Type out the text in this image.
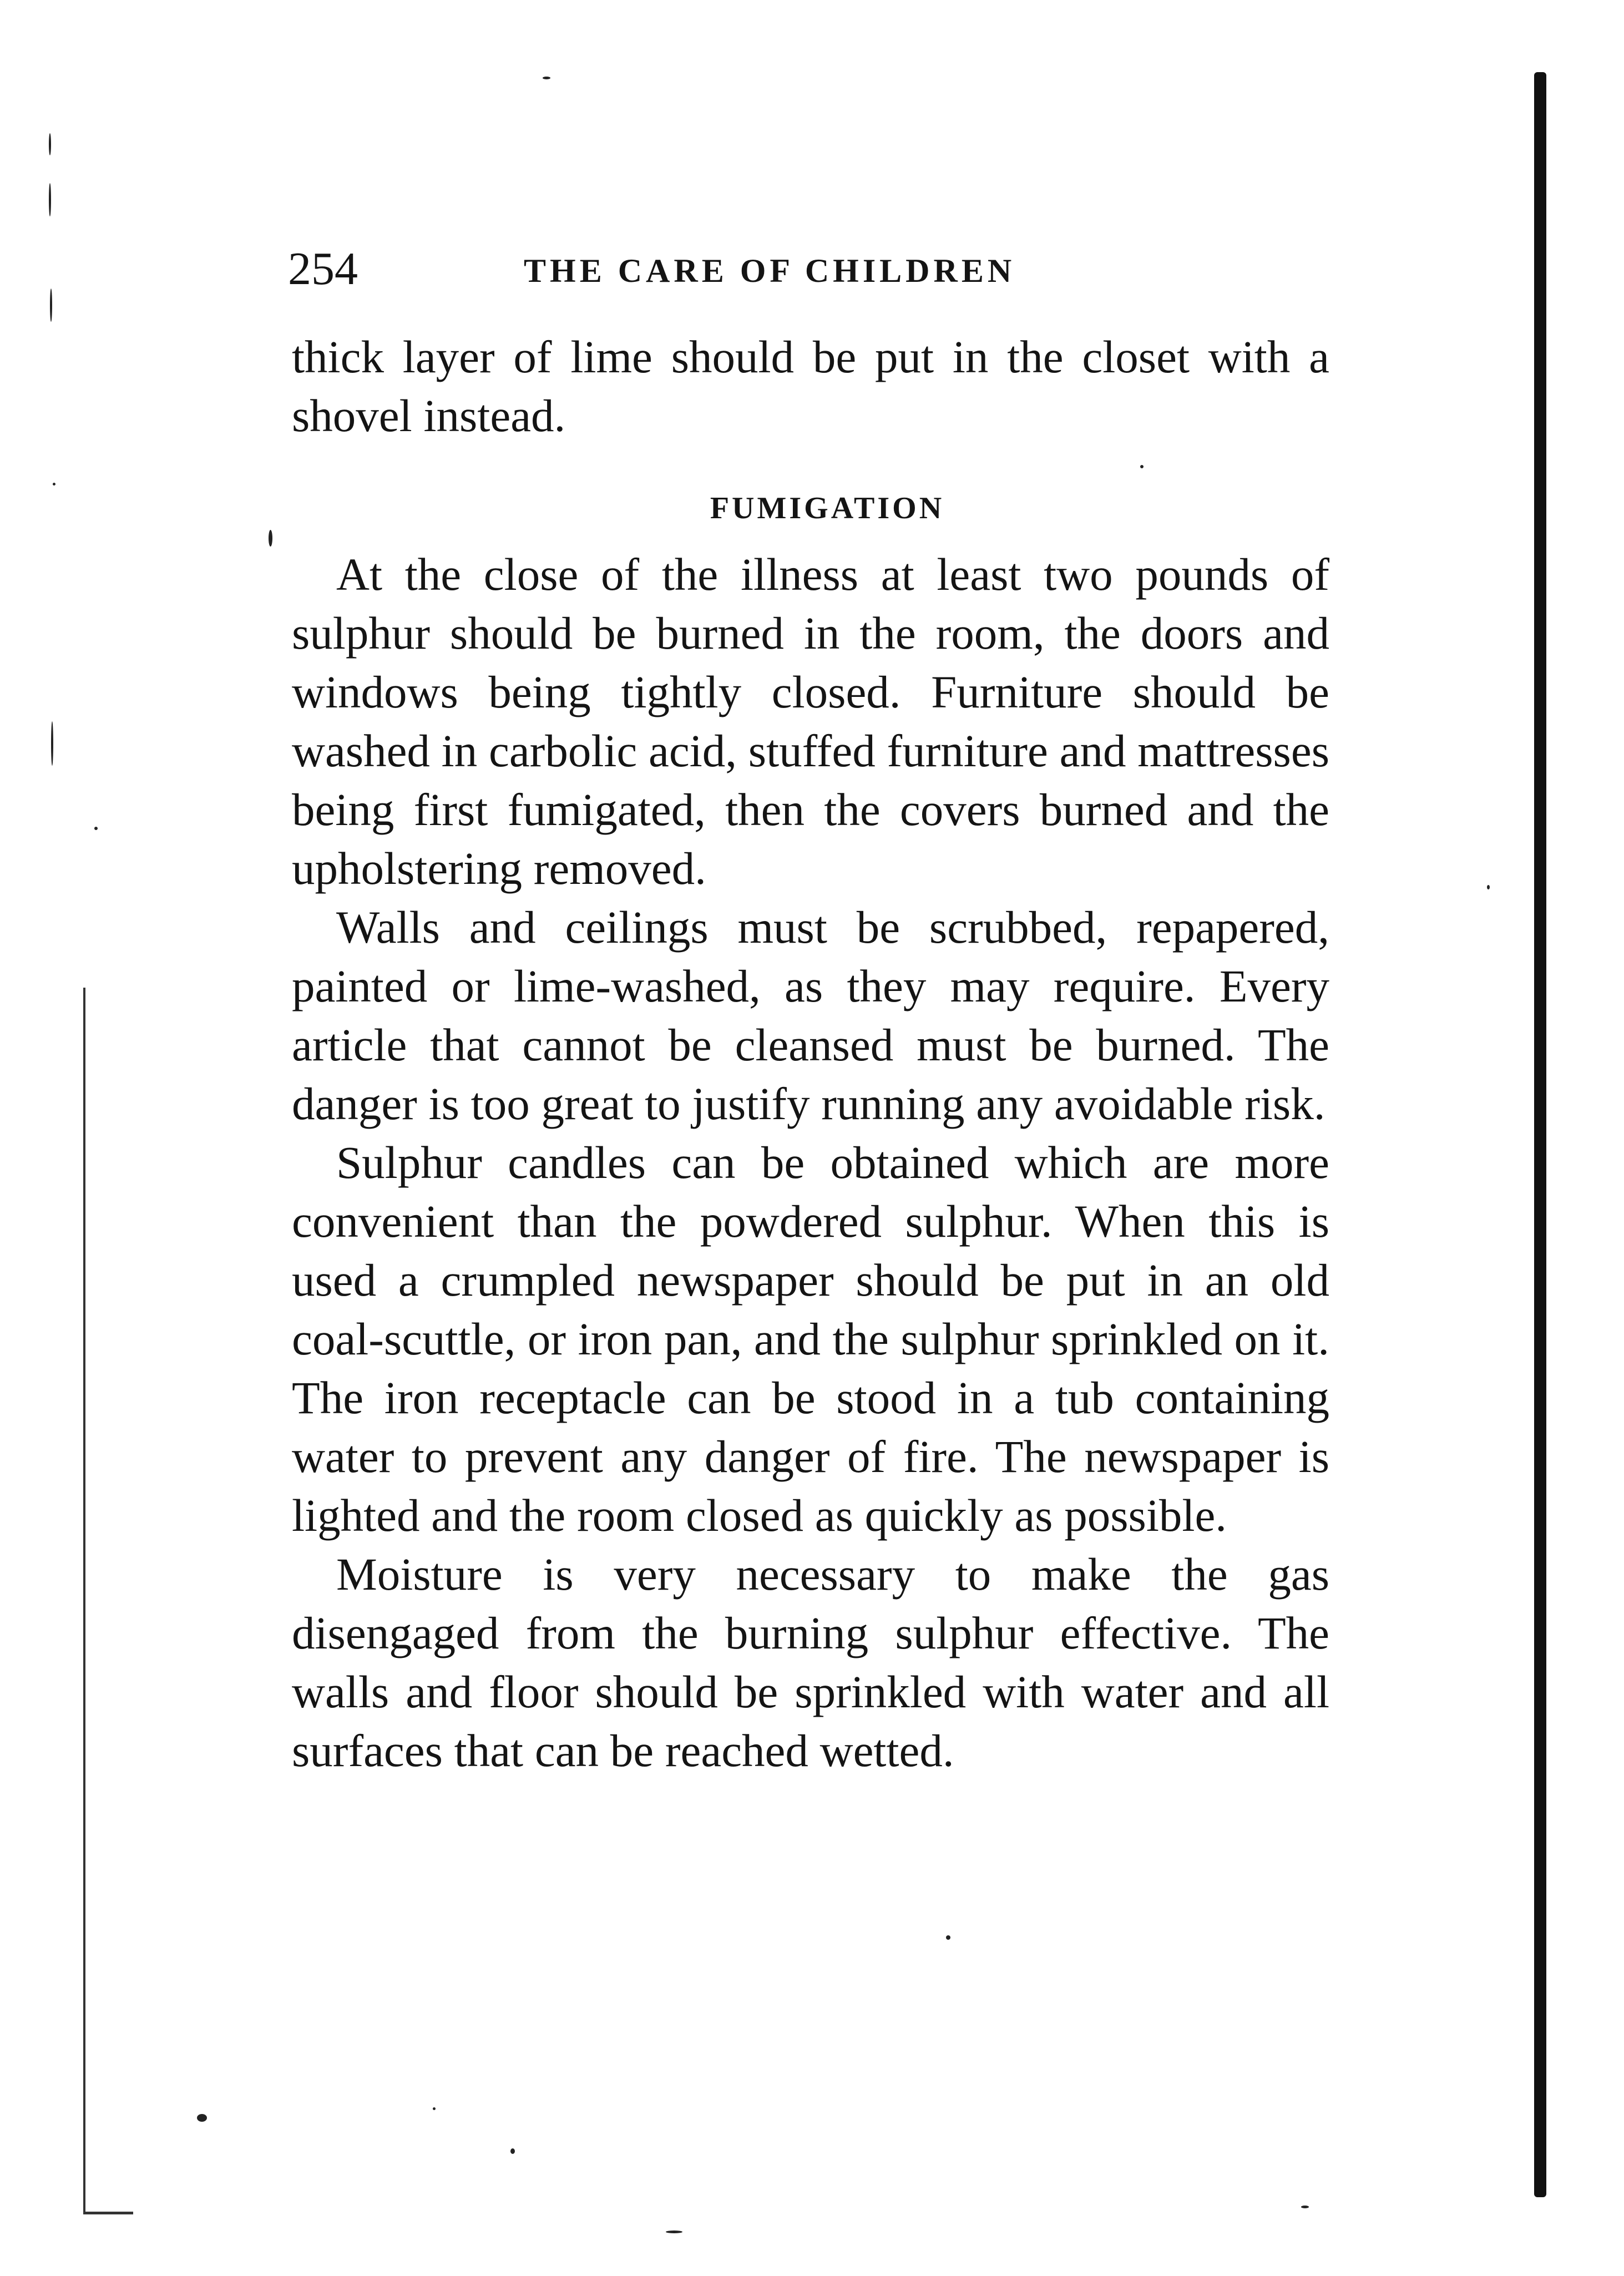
254	THE CARE OF CHILDREN

thick layer of lime should be put in the closet with a shovel instead.

FUMIGATION

At the close of the illness at least two pounds of sulphur should be burned in the room, the doors and windows being tightly closed. Furniture should be washed in carbolic acid, stuffed furniture and mattresses being first fumigated, then the covers burned and the upholstering removed.

Walls and ceilings must be scrubbed, repapered, painted or lime-washed, as they may require. Every article that cannot be cleansed must be burned. The danger is too great to justify running any avoidable risk.

Sulphur candles can be obtained which are more convenient than the powdered sulphur. When this is used a crumpled newspaper should be put in an old coal-scuttle, or iron pan, and the sulphur sprinkled on it. The iron receptacle can be stood in a tub containing water to prevent any danger of fire. The newspaper is lighted and the room closed as quickly as possible.

Moisture is very necessary to make the gas disengaged from the burning sulphur effective. The walls and floor should be sprinkled with water and all surfaces that can be reached wetted.
